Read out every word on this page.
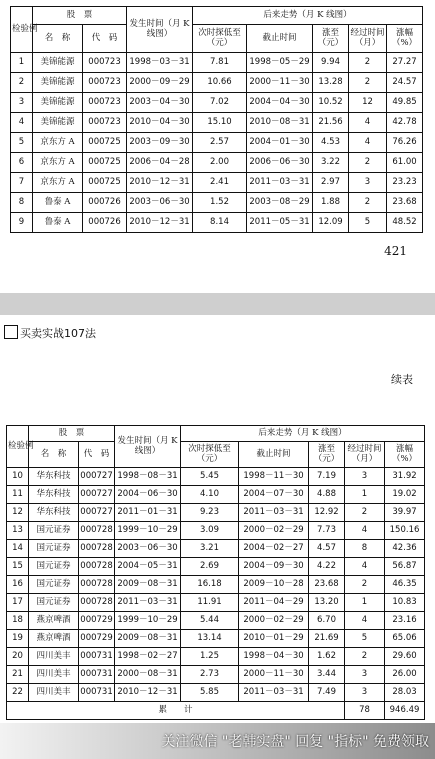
检验例	股　票		发生时间（月 K 线图）	后来走势（月 K 线图）				
	名　称	代　码		次时探低至（元）	截止时间	涨至（元）	经过时间（月）	涨幅（%）
1	美锦能源	000723	1998－03－31	7.81	1998－05－29	9.94	2	27.27
2	美锦能源	000723	2000－09－29	10.66	2000－11－30	13.28	2	24.57
3	美锦能源	000723	2003－04－30	7.02	2004－04－30	10.52	12	49.85
4	美锦能源	000723	2010－04－30	15.10	2010－08－31	21.56	4	42.78
5	京东方 A	000725	2003－09－30	2.57	2004－01－30	4.53	4	76.26
6	京东方 A	000725	2006－04－28	2.00	2006－06－30	3.22	2	61.00
7	京东方 A	000725	2010－12－31	2.41	2011－03－31	2.97	3	23.23
8	鲁泰 A	000726	2003－06－30	1.52	2003－08－29	1.88	2	23.68
9	鲁泰 A	000726	2010－12－31	8.14	2011－05－31	12.09	5	48.52
421
买卖实战107法
续表
检验例	股　票		发生时间（月 K 线图）	后来走势（月 K 线图）				
	名　称	代　码		次时探低至（元）	截止时间	涨至（元）	经过时间（月）	涨幅（%）
10	华东科技	000727	1998－08－31	5.45	1998－11－30	7.19	3	31.92
11	华东科技	000727	2004－06－30	4.10	2004－07－30	4.88	1	19.02
12	华东科技	000727	2011－01－31	9.23	2011－03－31	12.92	2	39.97
13	国元证券	000728	1999－10－29	3.09	2000－02－29	7.73	4	150.16
14	国元证券	000728	2003－06－30	3.21	2004－02－27	4.57	8	42.36
15	国元证券	000728	2004－05－31	2.69	2004－09－30	4.22	4	56.87
16	国元证券	000728	2009－08－31	16.18	2009－10－28	23.68	2	46.35
17	国元证券	000728	2011－03－31	11.91	2011－04－29	13.20	1	10.83
18	燕京啤酒	000729	1999－10－29	5.44	2000－02－29	6.70	4	23.16
19	燕京啤酒	000729	2009－08－31	13.14	2010－01－29	21.69	5	65.06
20	四川美丰	000731	1998－02－27	1.25	1998－04－30	1.62	2	29.60
21	四川美丰	000731	2000－08－31	2.73	2000－11－30	3.44	3	26.00
22	四川美丰	000731	2010－12－31	5.85	2011－03－31	7.49	3	28.03
累　　计							78	946.49
关注微信 "老韩实盘" 回复 "指标" 免费领取
